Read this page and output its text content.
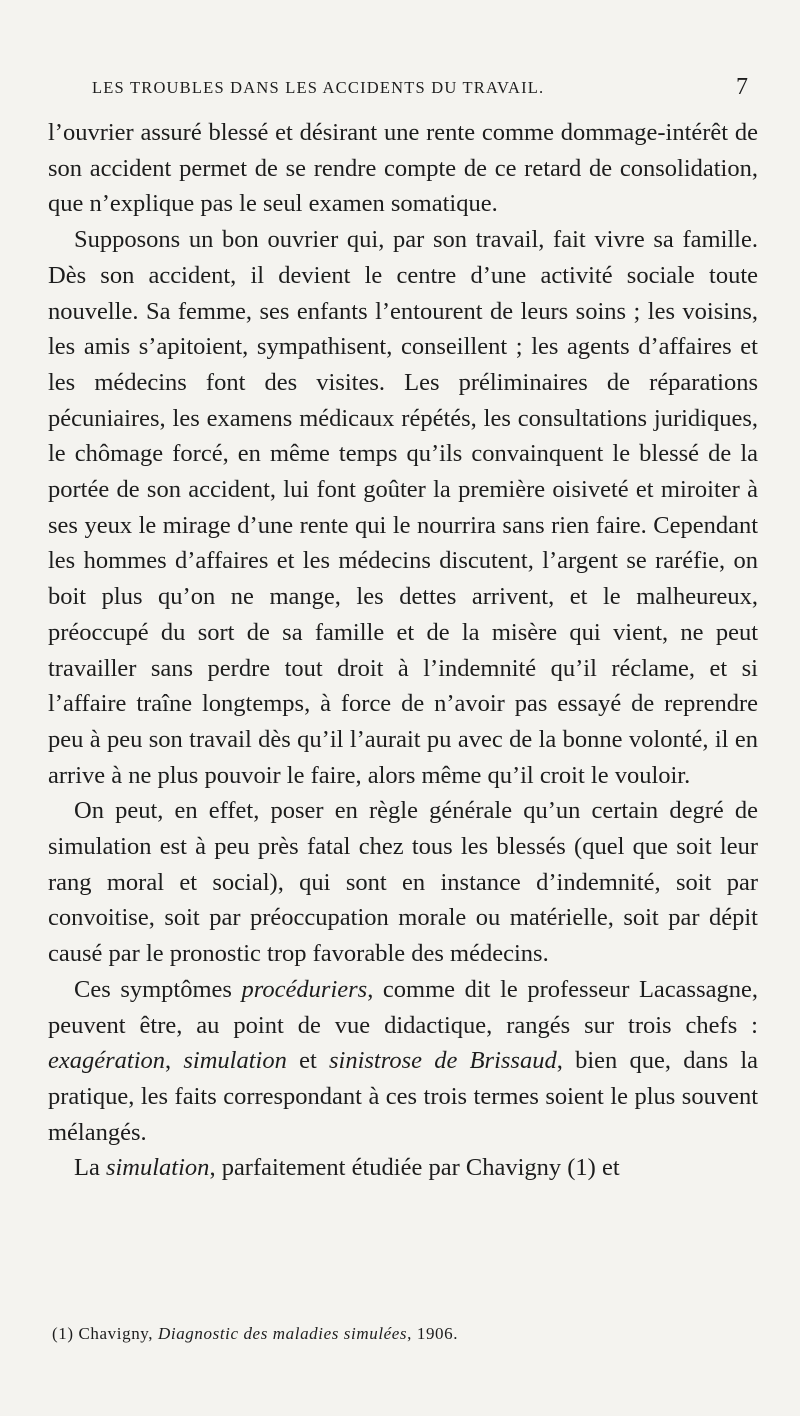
LES TROUBLES DANS LES ACCIDENTS DU TRAVAIL.	7

l’ouvrier assuré blessé et désirant une rente comme dommage-intérêt de son accident permet de se rendre compte de ce retard de consolidation, que n’explique pas le seul examen somatique.

Supposons un bon ouvrier qui, par son travail, fait vivre sa famille. Dès son accident, il devient le centre d’une activité sociale toute nouvelle. Sa femme, ses enfants l’entourent de leurs soins ; les voisins, les amis s’apitoient, sympathisent, conseillent ; les agents d’affaires et les médecins font des visites. Les préliminaires de réparations pécuniaires, les examens médicaux répétés, les consultations juridiques, le chômage forcé, en même temps qu’ils convainquent le blessé de la portée de son accident, lui font goûter la première oisiveté et miroiter à ses yeux le mirage d’une rente qui le nourrira sans rien faire. Cependant les hommes d’affaires et les médecins discutent, l’argent se raréfie, on boit plus qu’on ne mange, les dettes arrivent, et le malheureux, préoccupé du sort de sa famille et de la misère qui vient, ne peut travailler sans perdre tout droit à l’indemnité qu’il réclame, et si l’affaire traîne longtemps, à force de n’avoir pas essayé de reprendre peu à peu son travail dès qu’il l’aurait pu avec de la bonne volonté, il en arrive à ne plus pouvoir le faire, alors même qu’il croit le vouloir.

On peut, en effet, poser en règle générale qu’un certain degré de simulation est à peu près fatal chez tous les blessés (quel que soit leur rang moral et social), qui sont en instance d’indemnité, soit par convoitise, soit par préoccupation morale ou matérielle, soit par dépit causé par le pronostic trop favorable des médecins.

Ces symptômes procéduriers, comme dit le professeur Lacassagne, peuvent être, au point de vue didactique, rangés sur trois chefs : exagération, simulation et sinistrose de Brissaud, bien que, dans la pratique, les faits correspondant à ces trois termes soient le plus souvent mélangés.

La simulation, parfaitement étudiée par Chavigny (1) et

(1) Chavigny, Diagnostic des maladies simulées, 1906.
